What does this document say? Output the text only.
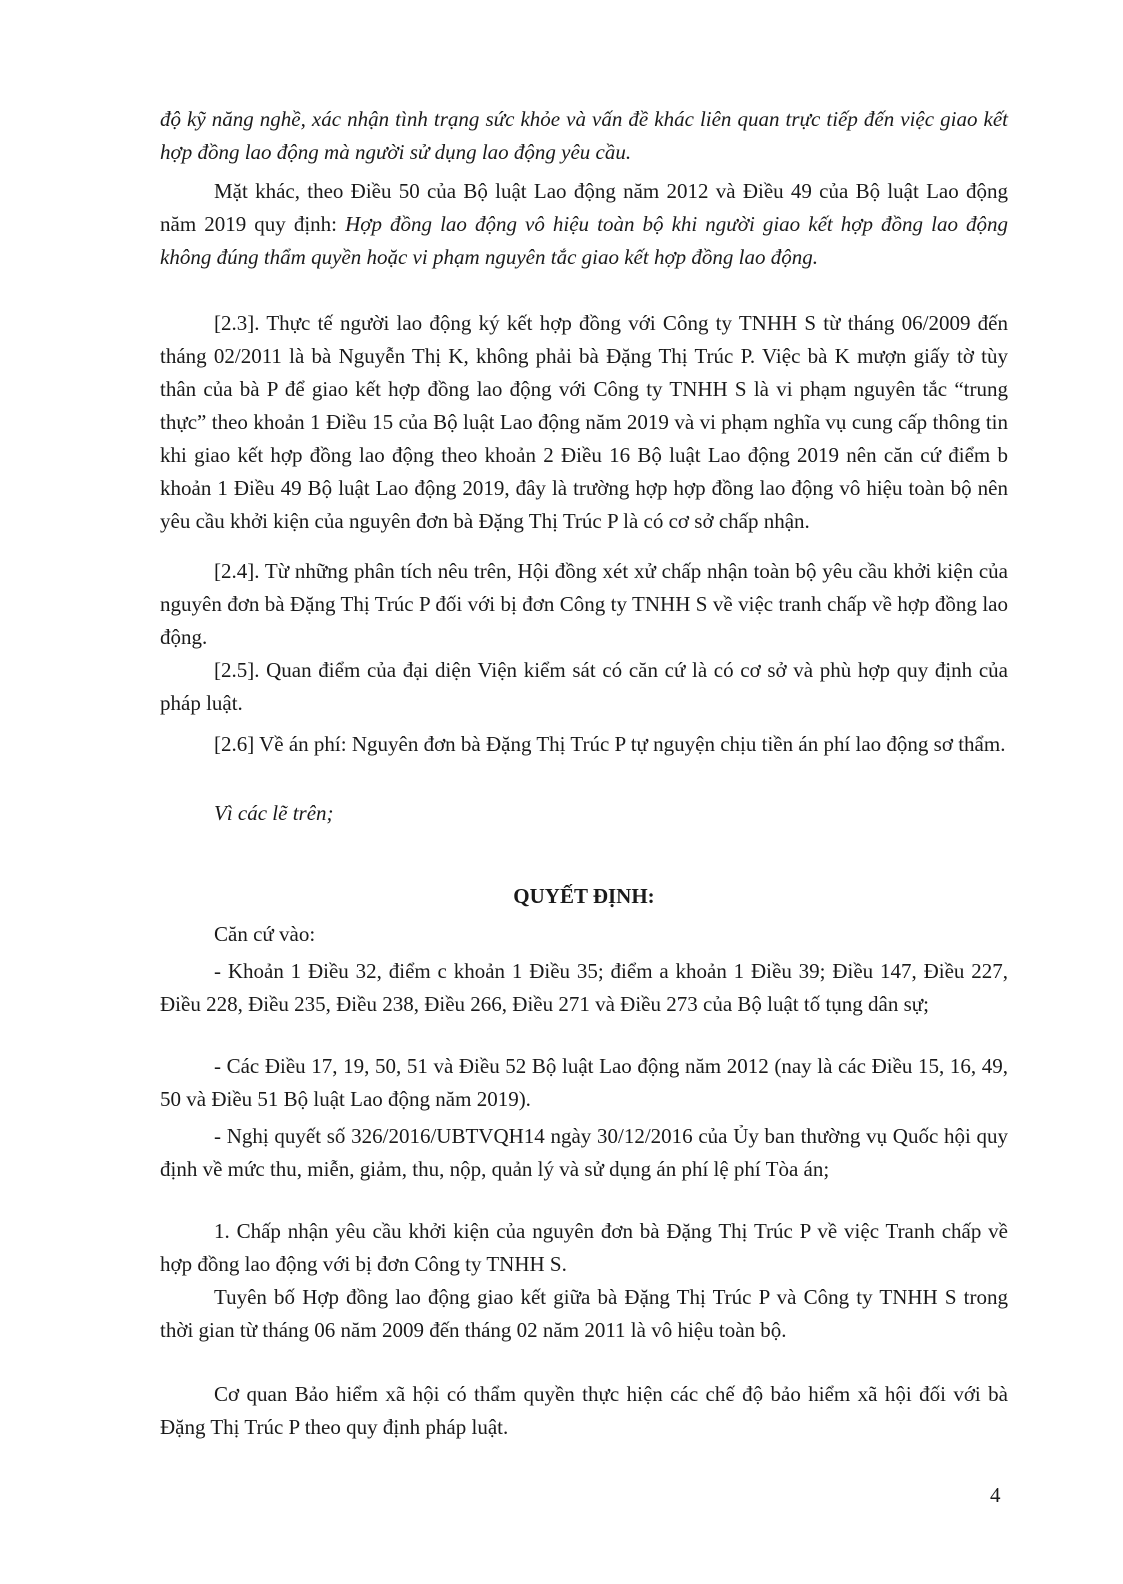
độ kỹ năng nghề, xác nhận tình trạng sức khỏe và vấn đề khác liên quan trực tiếp đến việc giao kết hợp đồng lao động mà người sử dụng lao động yêu cầu.

Mặt khác, theo Điều 50 của Bộ luật Lao động năm 2012 và Điều 49 của Bộ luật Lao động năm 2019 quy định: Hợp đồng lao động vô hiệu toàn bộ khi người giao kết hợp đồng lao động không đúng thẩm quyền hoặc vi phạm nguyên tắc giao kết hợp đồng lao động.

[2.3]. Thực tế người lao động ký kết hợp đồng với Công ty TNHH S từ tháng 06/2009 đến tháng 02/2011 là bà Nguyễn Thị K, không phải bà Đặng Thị Trúc P. Việc bà K mượn giấy tờ tùy thân của bà P để giao kết hợp đồng lao động với Công ty TNHH S là vi phạm nguyên tắc “trung thực” theo khoản 1 Điều 15 của Bộ luật Lao động năm 2019 và vi phạm nghĩa vụ cung cấp thông tin khi giao kết hợp đồng lao động theo khoản 2 Điều 16 Bộ luật Lao động 2019 nên căn cứ điểm b khoản 1 Điều 49 Bộ luật Lao động 2019, đây là trường hợp hợp đồng lao động vô hiệu toàn bộ nên yêu cầu khởi kiện của nguyên đơn bà Đặng Thị Trúc P là có cơ sở chấp nhận.

[2.4]. Từ những phân tích nêu trên, Hội đồng xét xử chấp nhận toàn bộ yêu cầu khởi kiện của nguyên đơn bà Đặng Thị Trúc P đối với bị đơn Công ty TNHH S về việc tranh chấp về hợp đồng lao động.

[2.5]. Quan điểm của đại diện Viện kiểm sát có căn cứ là có cơ sở và phù hợp quy định của pháp luật.

[2.6] Về án phí: Nguyên đơn bà Đặng Thị Trúc P tự nguyện chịu tiền án phí lao động sơ thẩm.

Vì các lẽ trên;

QUYẾT ĐỊNH:

Căn cứ vào:

- Khoản 1 Điều 32, điểm c khoản 1 Điều 35; điểm a khoản 1 Điều 39; Điều 147, Điều 227, Điều 228, Điều 235, Điều 238, Điều 266, Điều 271 và Điều 273 của Bộ luật tố tụng dân sự;

- Các Điều 17, 19, 50, 51 và Điều 52 Bộ luật Lao động năm 2012 (nay là các Điều 15, 16, 49, 50 và Điều 51 Bộ luật Lao động năm 2019).

- Nghị quyết số 326/2016/UBTVQH14 ngày 30/12/2016 của Ủy ban thường vụ Quốc hội quy định về mức thu, miễn, giảm, thu, nộp, quản lý và sử dụng án phí lệ phí Tòa án;

1. Chấp nhận yêu cầu khởi kiện của nguyên đơn bà Đặng Thị Trúc P về việc Tranh chấp về hợp đồng lao động với bị đơn Công ty TNHH S.

Tuyên bố Hợp đồng lao động giao kết giữa bà Đặng Thị Trúc P và Công ty TNHH S trong thời gian từ tháng 06 năm 2009 đến tháng 02 năm 2011 là vô hiệu toàn bộ.

Cơ quan Bảo hiểm xã hội có thẩm quyền thực hiện các chế độ bảo hiểm xã hội đối với bà Đặng Thị Trúc P theo quy định pháp luật.

4
